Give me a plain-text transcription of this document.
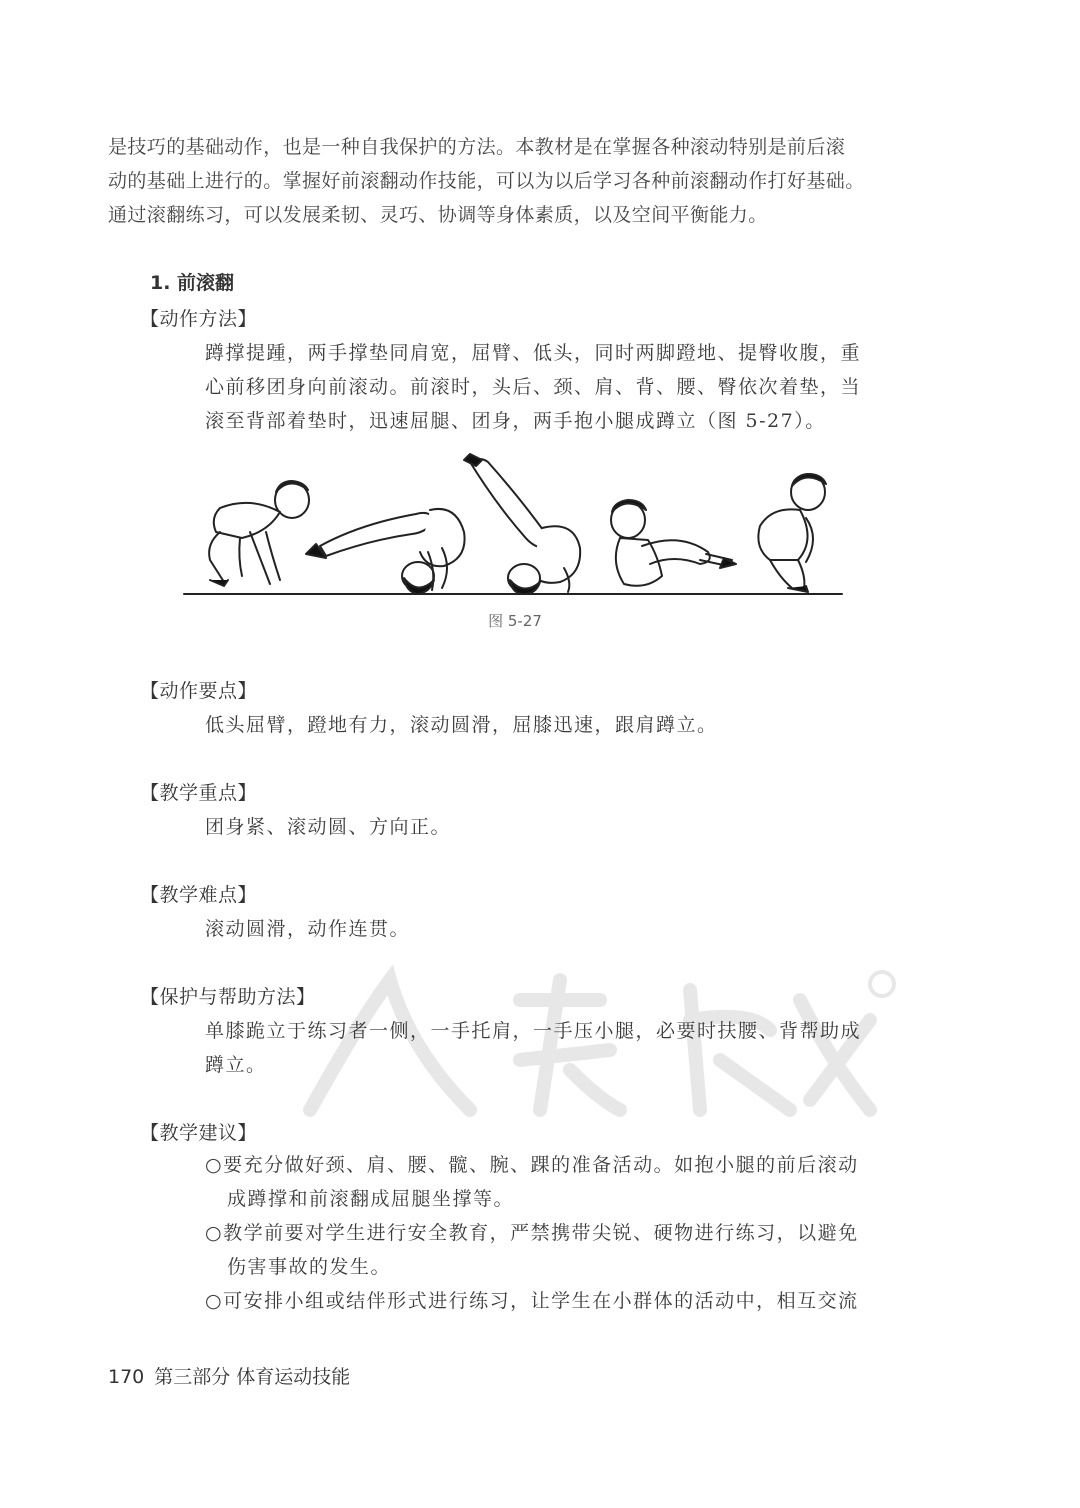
是技巧的基础动作，也是一种自我保护的方法。本教材是在掌握各种滚动特别是前后滚

动的基础上进行的。掌握好前滚翻动作技能，可以为以后学习各种前滚翻动作打好基础。

通过滚翻练习，可以发展柔韧、灵巧、协调等身体素质，以及空间平衡能力。

1. 前滚翻
【动作方法】

蹲撑提踵，两手撑垫同肩宽，屈臂、低头，同时两脚蹬地、提臀收腹，重

心前移团身向前滚动。前滚时，头后、颈、肩、背、腰、臀依次着垫，当

滚至背部着垫时，迅速屈腿、团身，两手抱小腿成蹲立（图 5-27）。

图 5-27
【动作要点】

低头屈臂，蹬地有力，滚动圆滑，屈膝迅速，跟肩蹲立。

【教学重点】

团身紧、滚动圆、方向正。

【教学难点】

滚动圆滑，动作连贯。

【保护与帮助方法】

单膝跪立于练习者一侧，一手托肩，一手压小腿，必要时扶腰、背帮助成

蹲立。

【教学建议】
○要充分做好颈、肩、腰、髋、腕、踝的准备活动。如抱小腿的前后滚动
成蹲撑和前滚翻成屈腿坐撑等。
○教学前要对学生进行安全教育，严禁携带尖锐、硬物进行练习，以避免
伤害事故的发生。
○可安排小组或结伴形式进行练习，让学生在小群体的活动中，相互交流
170 第三部分 体育运动技能
